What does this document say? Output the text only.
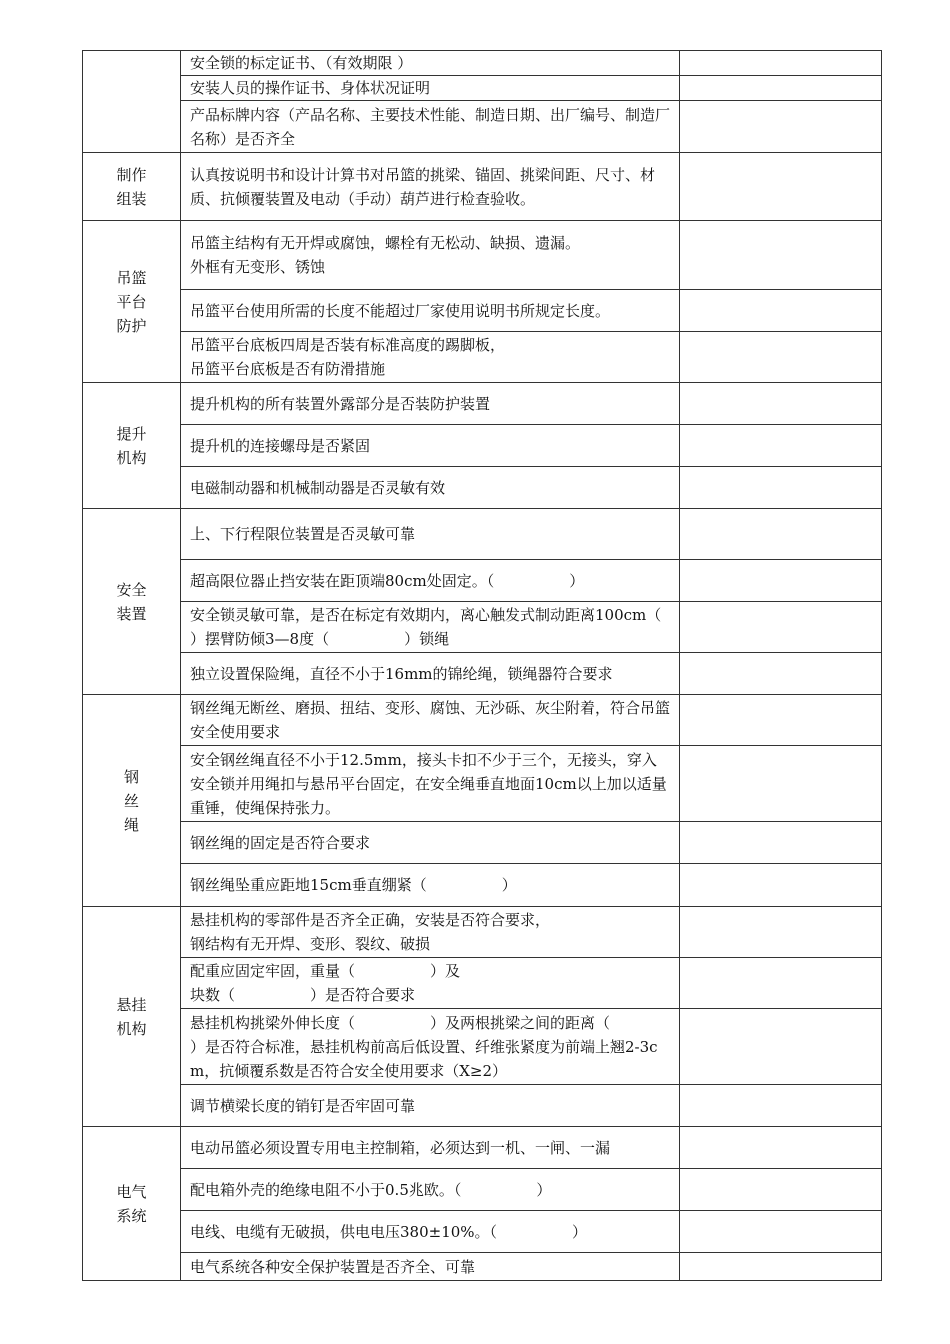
	安全锁的标定证书、（有效期限 ）	
	安装人员的操作证书、身体状况证明	
	产品标牌内容（产品名称、主要技术性能、制造日期、出厂编号、制造厂名称）是否齐全	

制作
组装	认真按说明书和设计计算书对吊篮的挑梁、锚固、挑梁间距、尺寸、材质、抗倾覆装置及电动（手动）葫芦进行检查验收。	

吊篮
平台
防护	吊篮主结构有无开焊或腐蚀，螺栓有无松动、缺损、遗漏。
外框有无变形、锈蚀	
	吊篮平台使用所需的长度不能超过厂家使用说明书所规定长度。	
	吊篮平台底板四周是否装有标准高度的踢脚板，
吊篮平台底板是否有防滑措施	

提升
机构	提升机构的所有装置外露部分是否装防护装置	
	提升机的连接螺母是否紧固	
	电磁制动器和机械制动器是否灵敏有效	

安全
装置	上、下行程限位装置是否灵敏可靠	
	超高限位器止挡安装在距顶端80cm处固定。（　　　　　）	
	安全锁灵敏可靠，是否在标定有效期内，离心触发式制动距离100cm（　　　　　）摆臂防倾3—8度（　　　　　）锁绳	
	独立设置保险绳，直径不小于16mm的锦纶绳，锁绳器符合要求	

钢
丝
绳	钢丝绳无断丝、磨损、扭结、变形、腐蚀、无沙砾、灰尘附着，符合吊篮安全使用要求	
	安全钢丝绳直径不小于12.5mm，接头卡扣不少于三个，无接头，穿入安全锁并用绳扣与悬吊平台固定，在安全绳垂直地面10cm以上加以适量重锤，使绳保持张力。	
	钢丝绳的固定是否符合要求	
	钢丝绳坠重应距地15cm垂直绷紧（　　　　　）	

悬挂
机构	悬挂机构的零部件是否齐全正确，安装是否符合要求，
钢结构有无开焊、变形、裂纹、破损	
	配重应固定牢固，重量（　　　　　）及
块数（　　　　　）是否符合要求	
	悬挂机构挑梁外伸长度（　　　　　）及两根挑梁之间的距离（　　　　　）是否符合标准，悬挂机构前高后低设置、纤维张紧度为前端上翘2-3cm，抗倾覆系数是否符合安全使用要求（X≥2）	
	调节横梁长度的销钉是否牢固可靠	

电气
系统	电动吊篮必须设置专用电主控制箱，必须达到一机、一闸、一漏	
	配电箱外壳的绝缘电阻不小于0.5兆欧。（　　　　　）	
	电线、电缆有无破损，供电电压380±10%。（　　　　　）	
	电气系统各种安全保护装置是否齐全、可靠	
